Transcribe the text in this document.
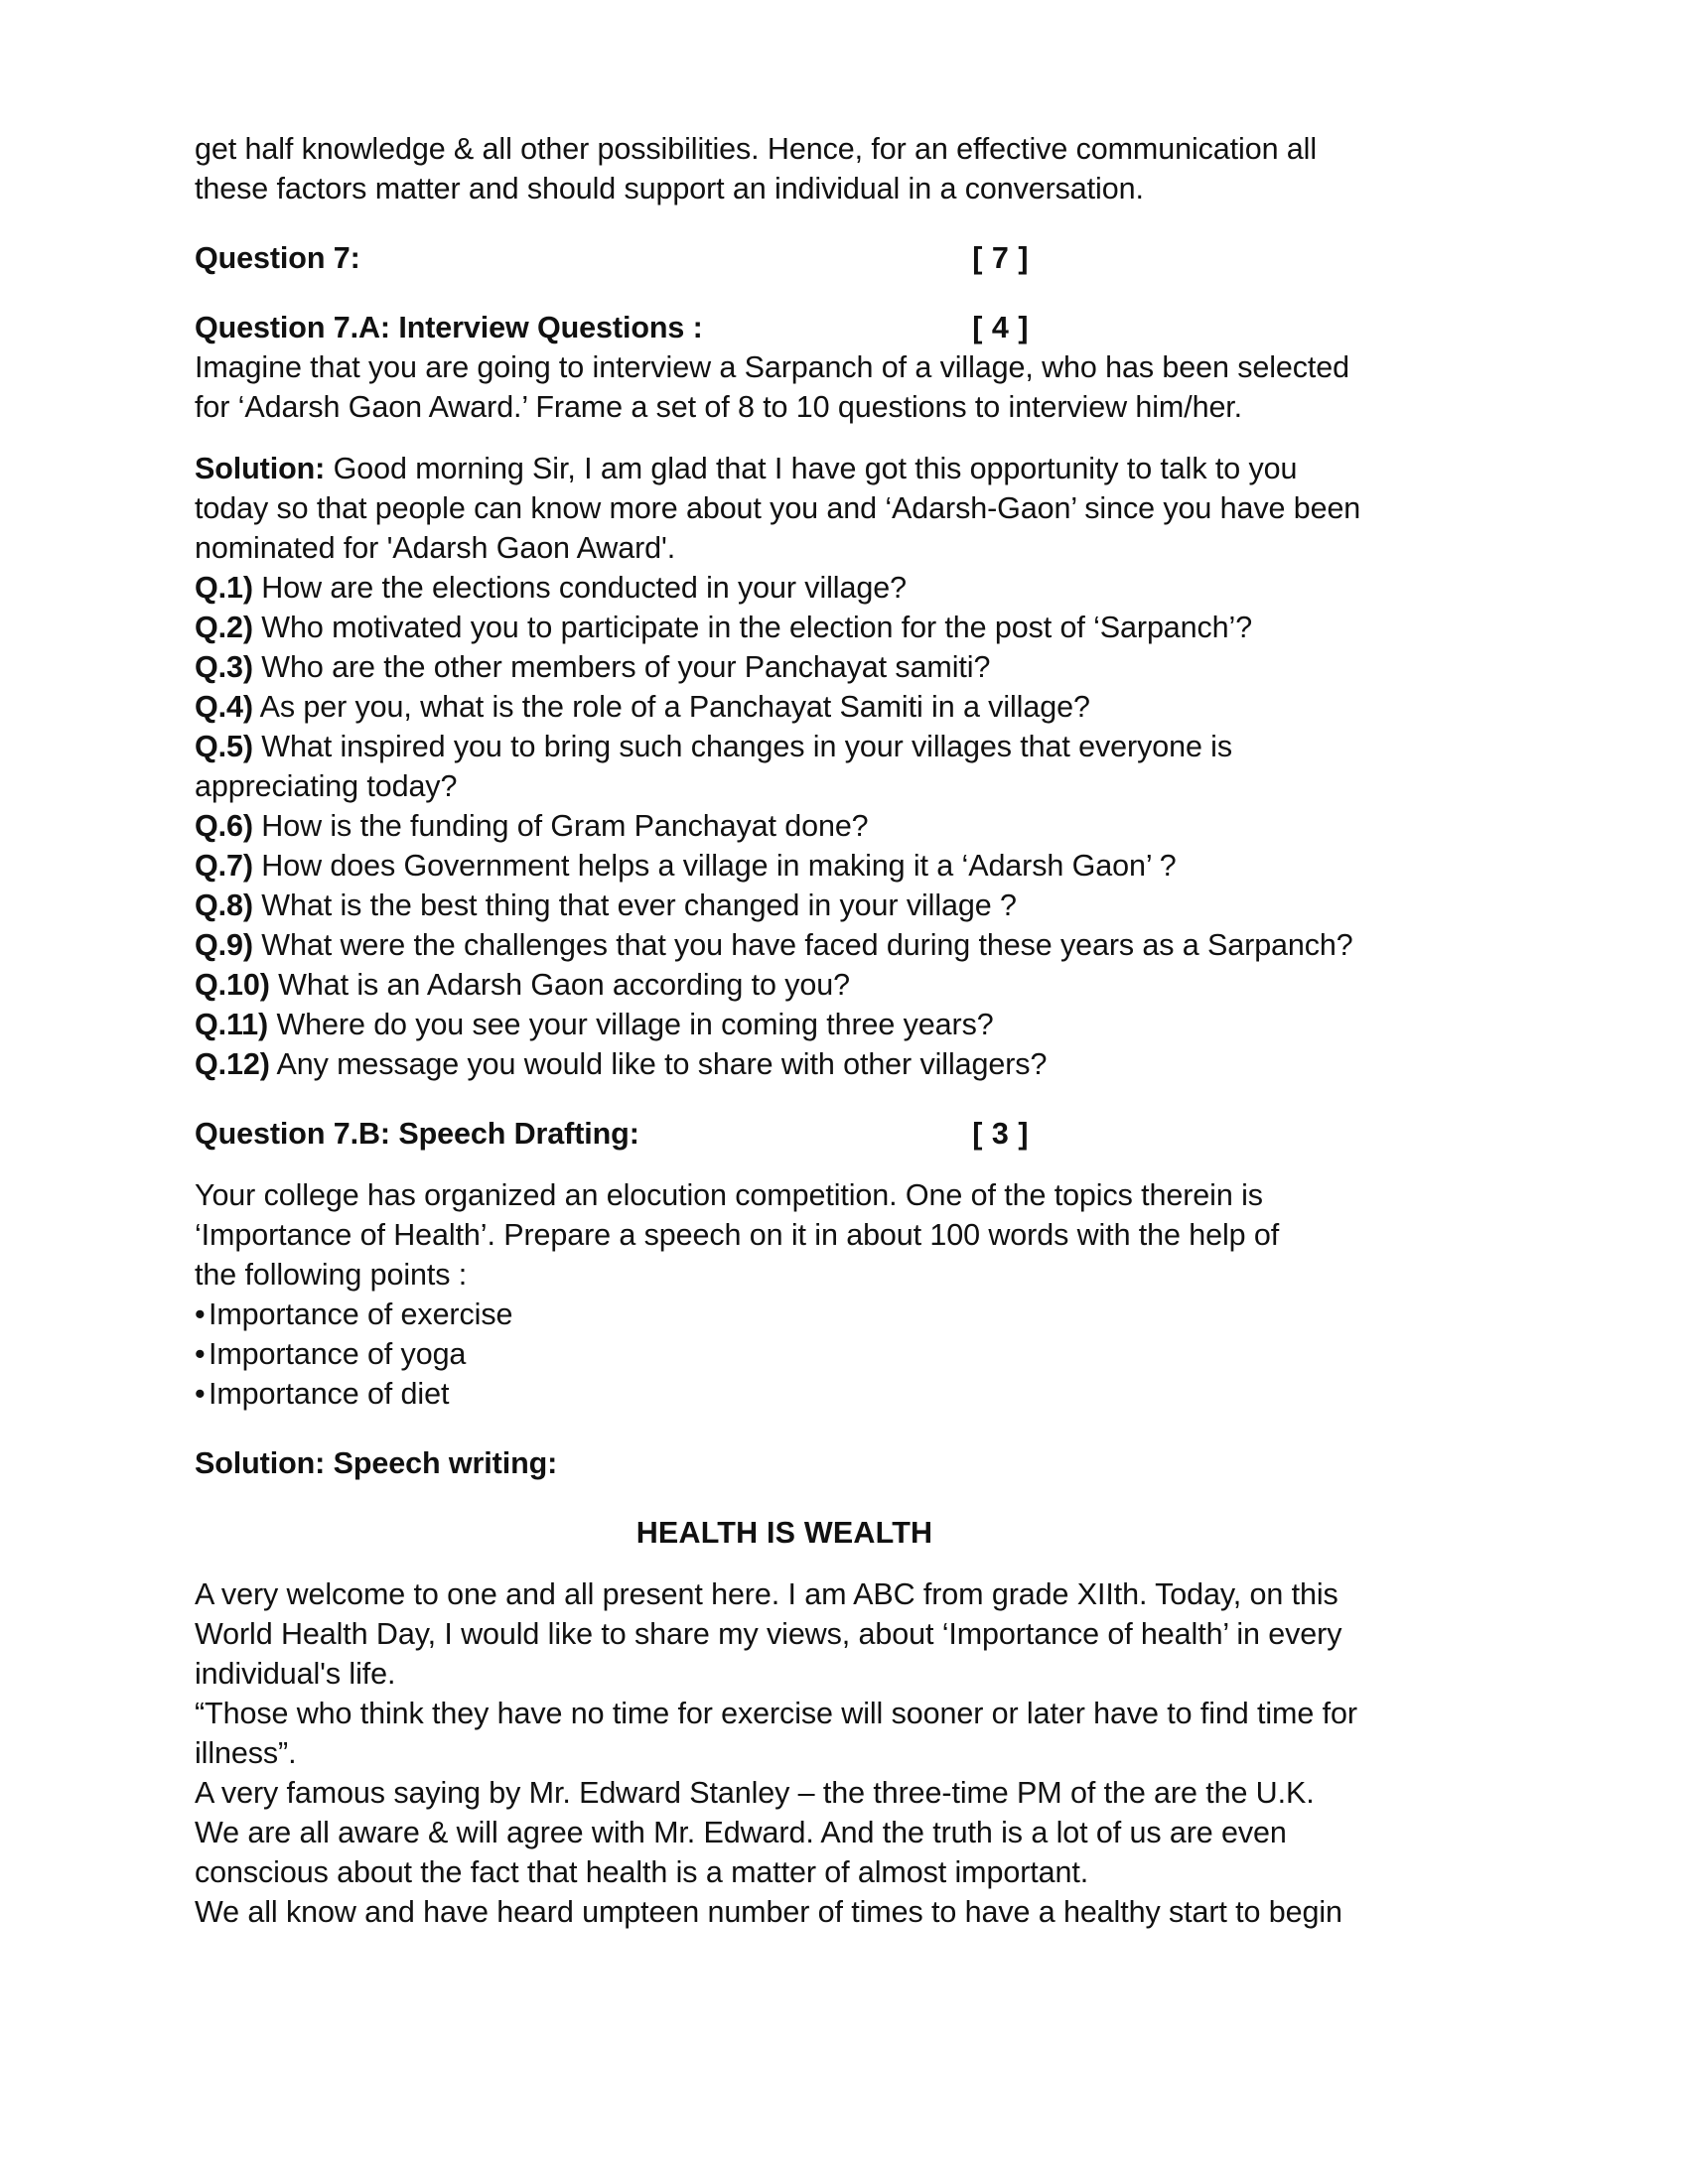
get half knowledge & all other possibilities. Hence, for an effective communication all
these factors matter and should support an individual in a conversation.
Question 7:	[ 7 ]
Question 7.A: Interview Questions :	[ 4 ]
Imagine that you are going to interview a Sarpanch of a village, who has been selected
for ‘Adarsh Gaon Award.’ Frame a set of 8 to 10 questions to interview him/her.
Solution: Good morning Sir, I am glad that I have got this opportunity to talk to you
today so that people can know more about you and ‘Adarsh-Gaon’ since you have been
nominated for 'Adarsh Gaon Award'.
Q.1) How are the elections conducted in your village?
Q.2) Who motivated you to participate in the election for the post of ‘Sarpanch’?
Q.3) Who are the other members of your Panchayat samiti?
Q.4) As per you, what is the role of a Panchayat Samiti in a village?
Q.5) What inspired you to bring such changes in your villages that everyone is
appreciating today?
Q.6) How is the funding of Gram Panchayat done?
Q.7) How does Government helps a village in making it a ‘Adarsh Gaon’ ?
Q.8) What is the best thing that ever changed in your village ?
Q.9) What were the challenges that you have faced during these years as a Sarpanch?
Q.10) What is an Adarsh Gaon according to you?
Q.11) Where do you see your village in coming three years?
Q.12) Any message you would like to share with other villagers?
Question 7.B: Speech Drafting:	[ 3 ]
Your college has organized an elocution competition. One of the topics therein is
‘Importance of Health’. Prepare a speech on it in about 100 words with the help of
the following points :
• Importance of exercise
• Importance of yoga
• Importance of diet
Solution: Speech writing:
HEALTH IS WEALTH
A very welcome to one and all present here. I am ABC from grade XIIth. Today, on this
World Health Day, I would like to share my views, about ‘Importance of health’ in every
individual's life.
“Those who think they have no time for exercise will sooner or later have to find time for
illness”.
A very famous saying by Mr. Edward Stanley – the three-time PM of the are the U.K.
We are all aware & will agree with Mr. Edward. And the truth is a lot of us are even
conscious about the fact that health is a matter of almost important.
We all know and have heard umpteen number of times to have a healthy start to begin
